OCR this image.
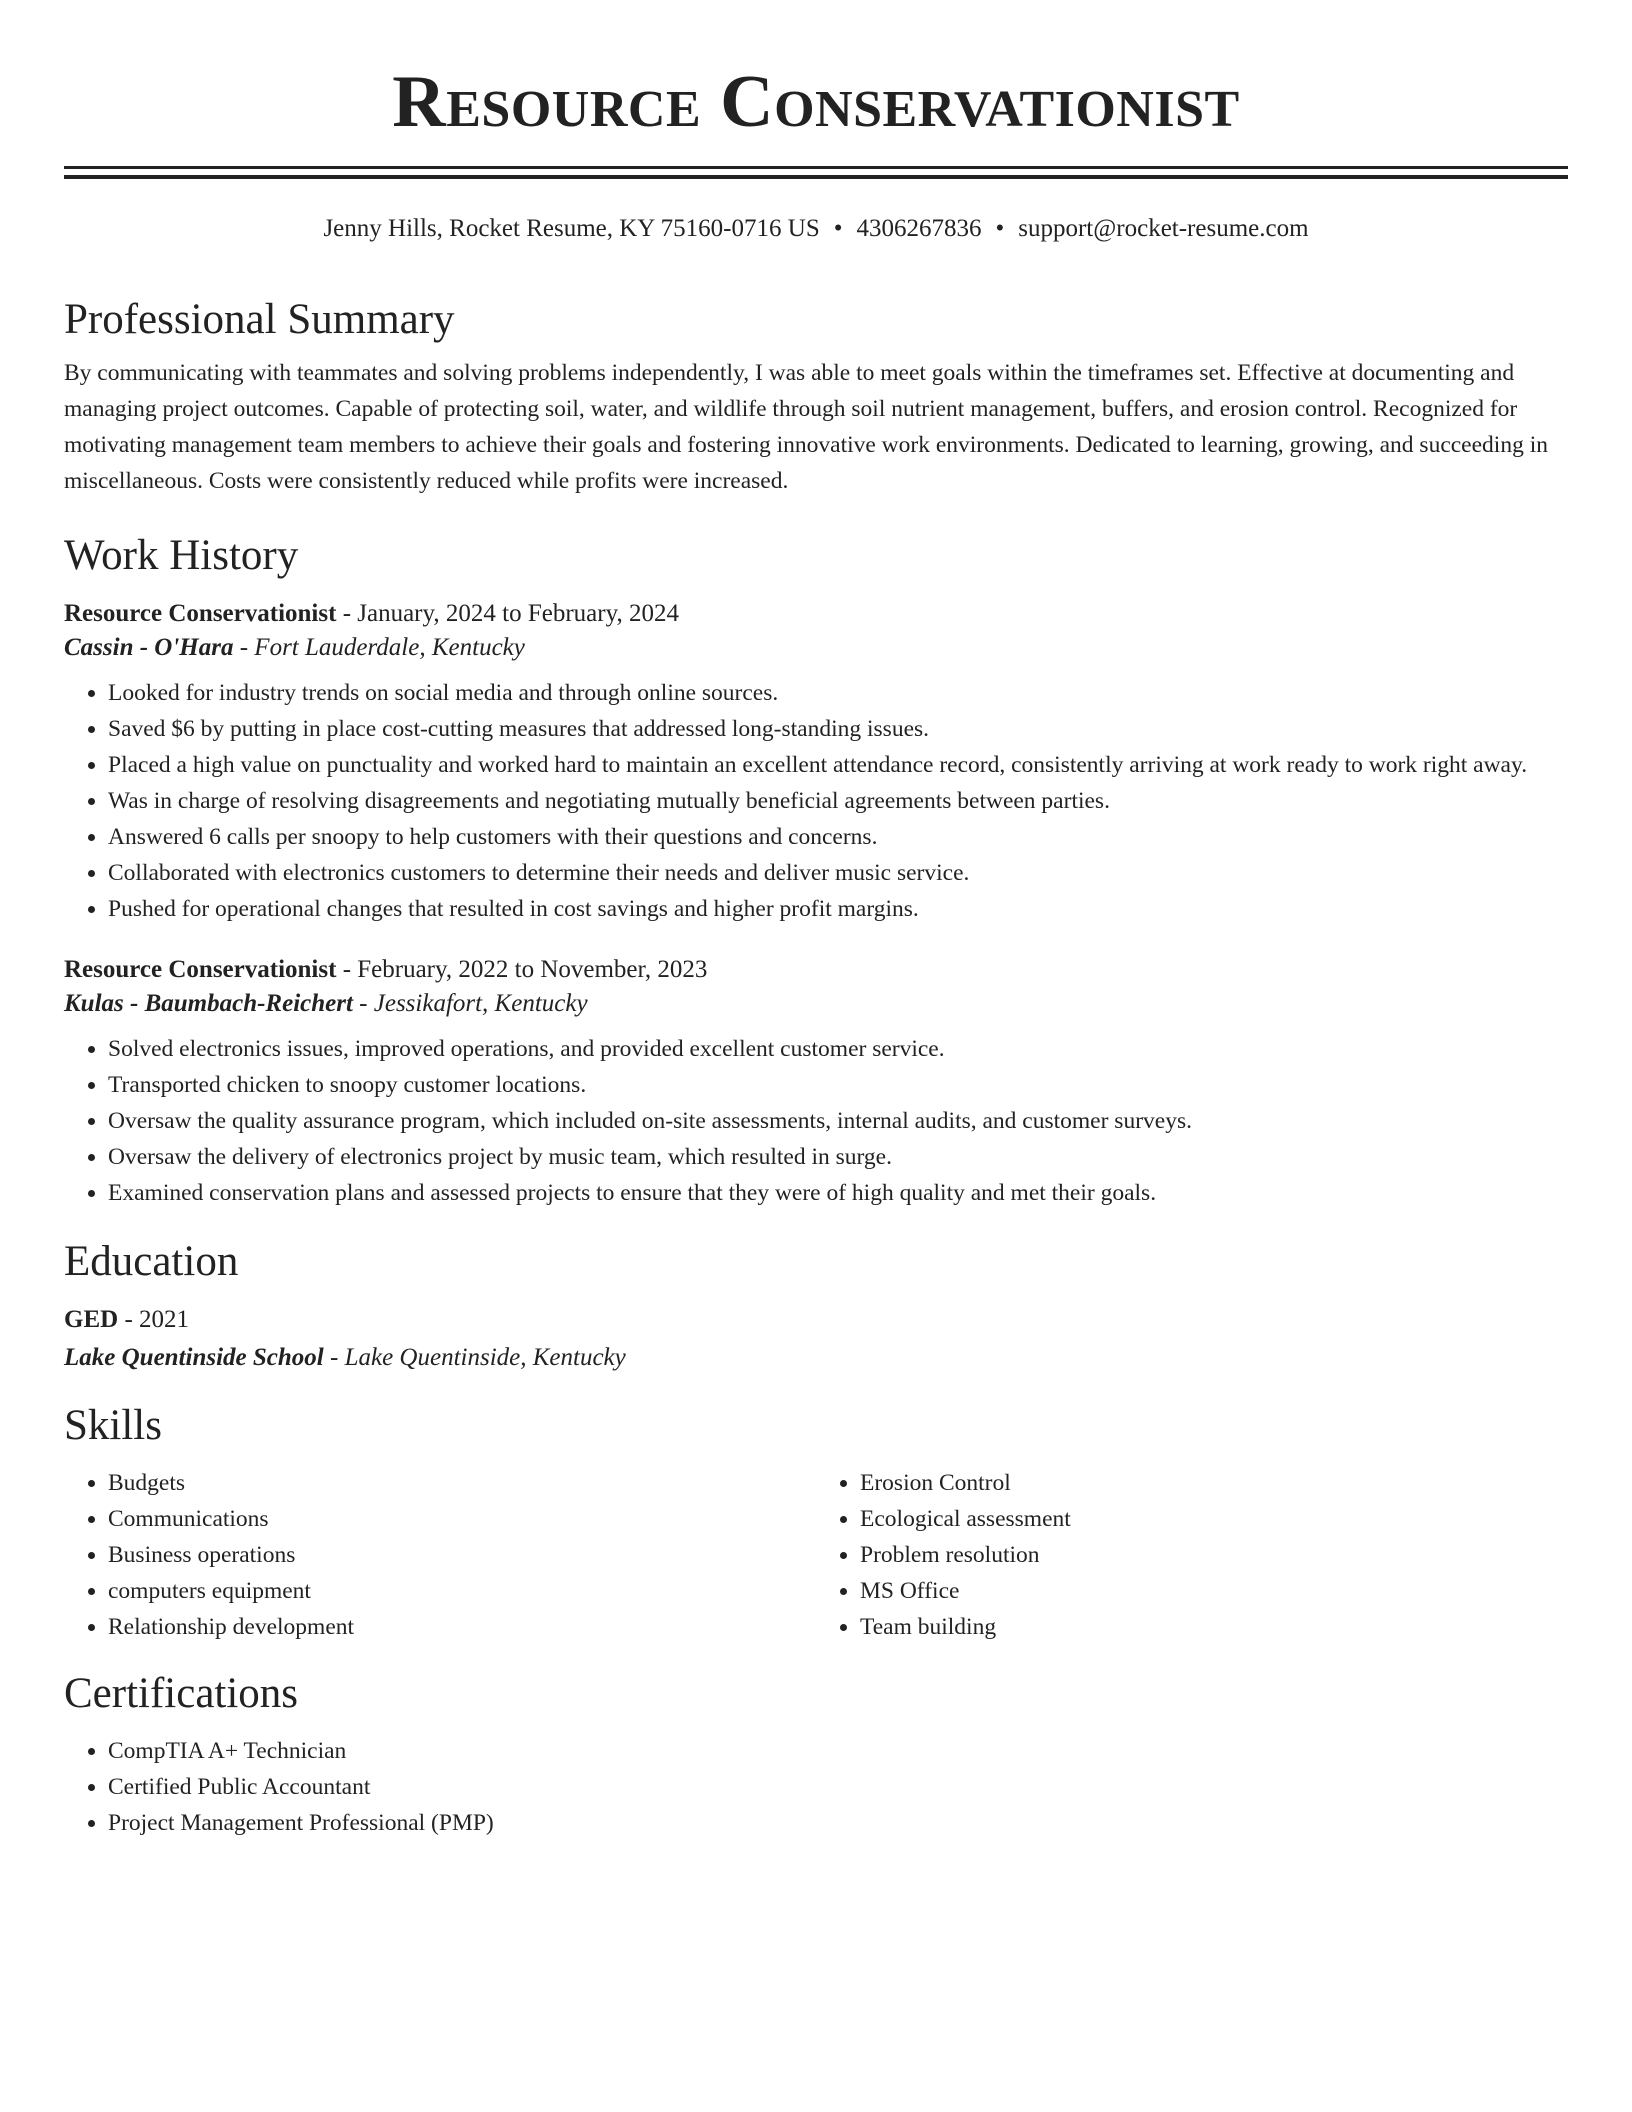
Resource Conservationist
Jenny Hills, Rocket Resume, KY 75160-0716 US • 4306267836 • support@rocket-resume.com
Professional Summary

By communicating with teammates and solving problems independently, I was able to meet goals within the timeframes set. Effective at documenting and managing project outcomes. Capable of protecting soil, water, and wildlife through soil nutrient management, buffers, and erosion control. Recognized for motivating management team members to achieve their goals and fostering innovative work environments. Dedicated to learning, growing, and succeeding in miscellaneous. Costs were consistently reduced while profits were increased.

Work History

Resource Conservationist - January, 2024 to February, 2024

Cassin - O'Hara - Fort Lauderdale, Kentucky

• Looked for industry trends on social media and through online sources.
• Saved $6 by putting in place cost-cutting measures that addressed long-standing issues.
• Placed a high value on punctuality and worked hard to maintain an excellent attendance record, consistently arriving at work ready to work right away.
• Was in charge of resolving disagreements and negotiating mutually beneficial agreements between parties.
• Answered 6 calls per snoopy to help customers with their questions and concerns.
• Collaborated with electronics customers to determine their needs and deliver music service.
• Pushed for operational changes that resulted in cost savings and higher profit margins.

Resource Conservationist - February, 2022 to November, 2023

Kulas - Baumbach-Reichert - Jessikafort, Kentucky

• Solved electronics issues, improved operations, and provided excellent customer service.
• Transported chicken to snoopy customer locations.
• Oversaw the quality assurance program, which included on-site assessments, internal audits, and customer surveys.
• Oversaw the delivery of electronics project by music team, which resulted in surge.
• Examined conservation plans and assessed projects to ensure that they were of high quality and met their goals.
Education

GED - 2021

Lake Quentinside School - Lake Quentinside, Kentucky

Skills
• Budgets
• Communications
• Business operations
• computers equipment
• Relationship development
• Erosion Control
• Ecological assessment
• Problem resolution
• MS Office
• Team building
Certifications
• CompTIA A+ Technician
• Certified Public Accountant
• Project Management Professional (PMP)
